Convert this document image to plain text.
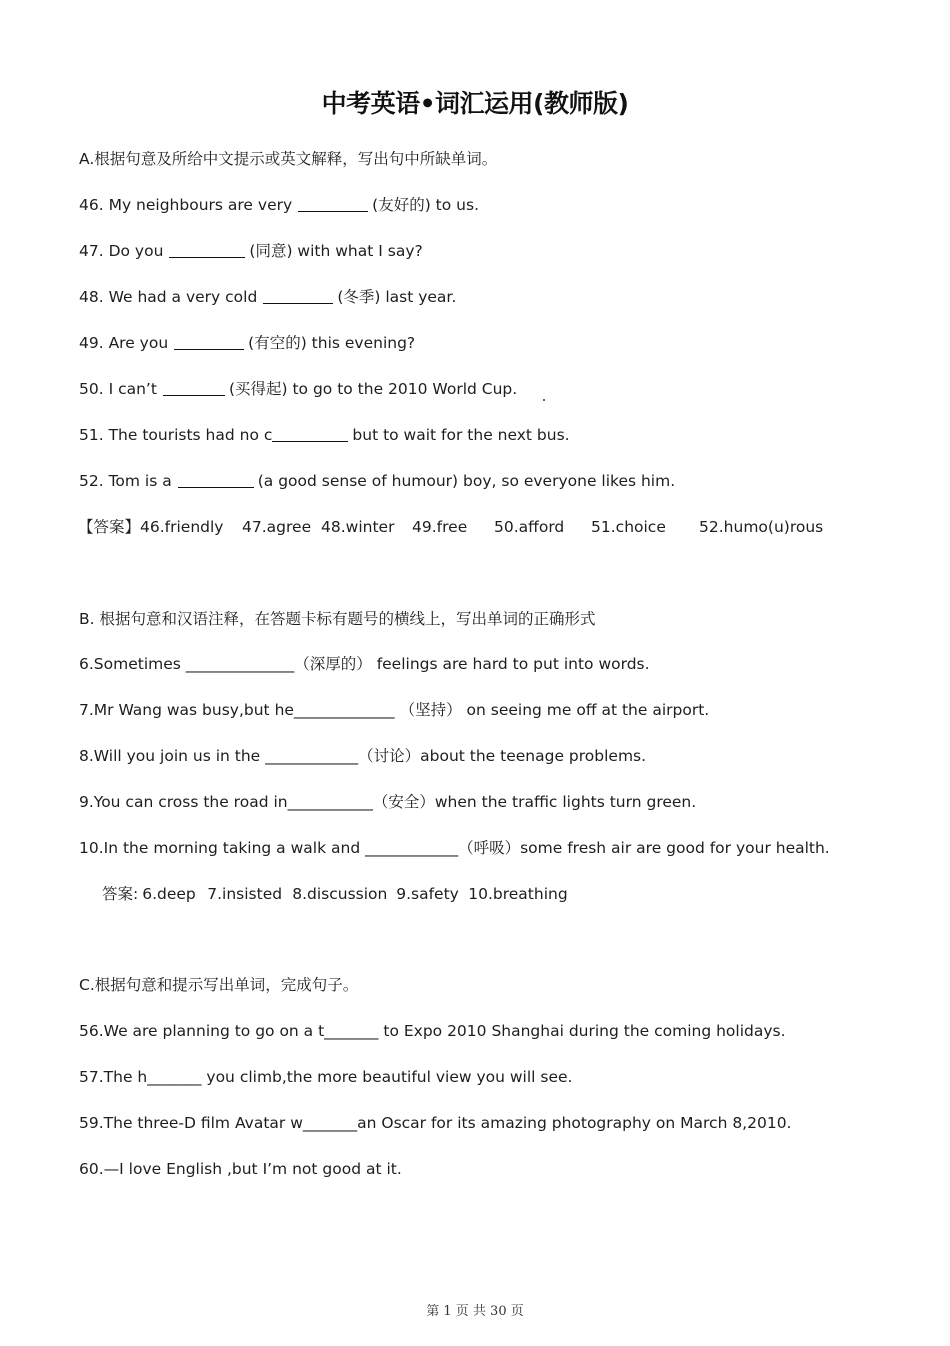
中考英语•词汇运用(教师版)
A.根据句意及所给中文提示或英文解释，写出句中所缺单词。
46. My neighbours are very	(友好的) to us.
47. Do you	(同意) with what I say?
48. We had a very cold	(冬季) last year.
49. Are you	(有空的) this evening?
50. I can’t	(买得起) to go to the 2010 World Cup.
51. The tourists had no c	but to wait for the next bus.
52. Tom is a	(a good sense of humour) boy, so everyone likes him.
【答案】46.friendly 47.agree 48.winter 49.free 50.afford 51.choice 52.humo(u)rous
B. 根据句意和汉语注释，在答题卡标有题号的横线上，写出单词的正确形式
6.Sometimes ______________（深厚的） feelings are hard to put into words.
7.Mr Wang was busy,but he_____________ （坚持） on seeing me off at the airport.
8.Will you join us in the ____________（讨论）about the teenage problems.
9.You can cross the road in___________（安全）when the traffic lights turn green.
10.In the morning taking a walk and ____________（呼吸）some fresh air are good for your health.
答案: 6.deep 7.insisted 8.discussion 9.safety 10.breathing
C.根据句意和提示写出单词，完成句子。
56.We are planning to go on a t_______ to Expo 2010 Shanghai during the coming holidays.
57.The h_______ you climb,the more beautiful view you will see.
59.The three-D film Avatar w_______an Oscar for its amazing photography on March 8,2010.
60.—I love English ,but I’m not good at it.
第 1 页 共 30 页
